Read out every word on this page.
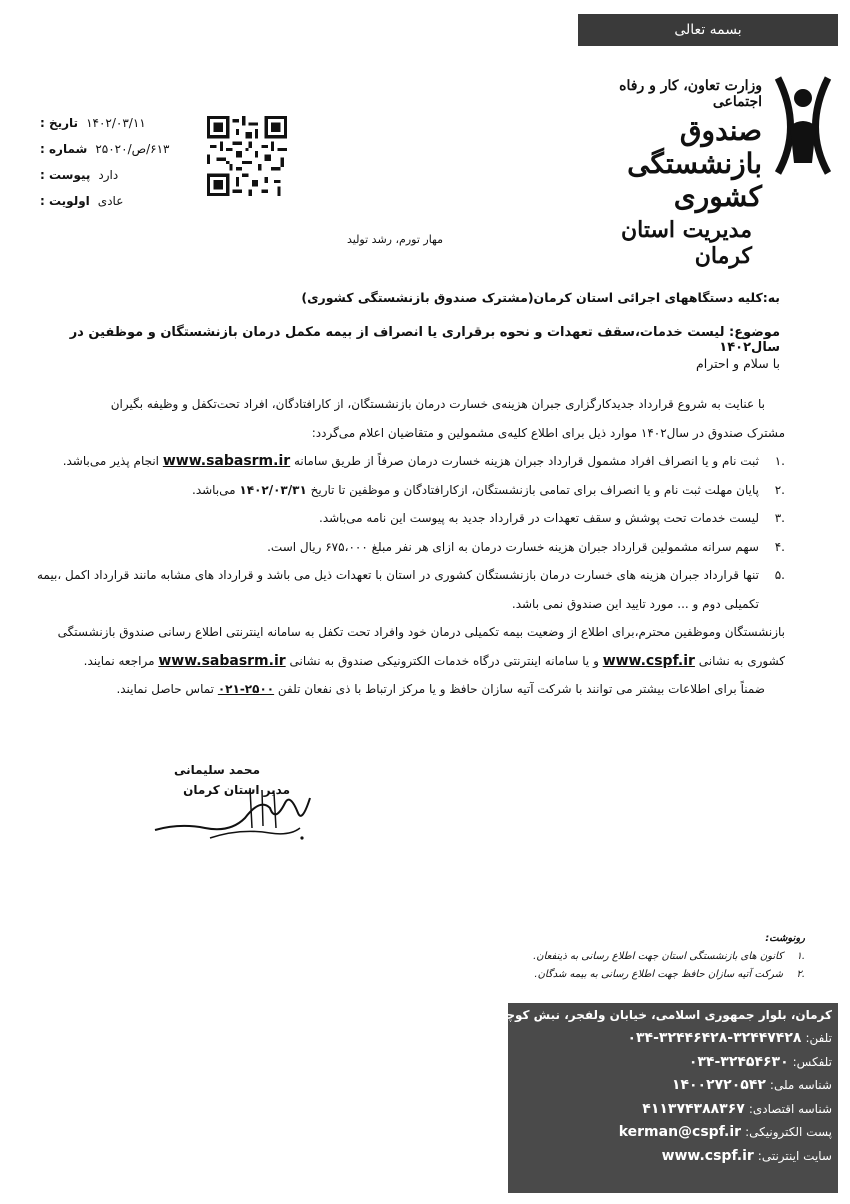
بسمه تعالی
وزارت تعاون، کار و رفاه اجتماعی
صندوق بازنشستگی کشوری
مدیریت استان کرمان
تاریخ : ۱۴۰۲/۰۳/۱۱
شماره : ۶۱۳/ص/۲۵۰۲۰
پیوست : دارد
اولویت : عادی
مهار تورم، رشد تولید
به:کلیه دستگاههای اجرائی استان کرمان(مشترک صندوق بازنشستگی کشوری)
موضوع: لیست خدمات،سقف تعهدات و نحوه برقراری یا انصراف از بیمه مکمل درمان بازنشستگان و موظفین در سال۱۴۰۲
با سلام و احترام

با عنایت به شروع قرارداد جدیدکارگزاری جبران هزینه‌ی خسارت درمان بازنشستگان، از کارافتادگان، افراد تحت‌تکفل و وظیفه بگیران

مشترک صندوق در سال۱۴۰۲ موارد ذیل برای اطلاع کلیه‌ی مشمولین و متقاضیان اعلام می‌گردد:

.۱
ثبت نام و یا انصراف افراد مشمول قرارداد جبران هزینه خسارت درمان صرفاً از طریق سامانه www.sabasrm.ir انجام پذیر می‌باشد.
.۲
پایان مهلت ثبت نام و یا انصراف برای تمامی بازنشستگان، ازکارافتادگان و موظفین تا تاریخ ۱۴۰۲/۰۳/۳۱ می‌باشد.
.۳
لیست خدمات تحت پوشش و سقف تعهدات در قرارداد جدید به پیوست این نامه می‌باشد.
.۴
سهم سرانه مشمولین قرارداد جبران هزینه خسارت درمان به ازای هر نفر مبلغ ۶۷۵،۰۰۰ ریال است.
.۵
تنها قرارداد جبران هزینه های خسارت درمان بازنشستگان کشوری در استان با تعهدات ذیل می باشد و قرارداد های مشابه مانند قرارداد اکمل ،بیمه تکمیلی دوم و ... مورد تایید این صندوق نمی باشد.

بازنشستگان وموظفین محترم،برای اطلاع از وضعیت بیمه تکمیلی درمان خود وافراد تحت تکفل به سامانه اینترنتی اطلاع رسانی صندوق بازنشستگی کشوری به نشانی www.cspf.ir و یا سامانه اینترنتی درگاه خدمات الکترونیکی صندوق به نشانی www.sabasrm.ir مراجعه نمایند.

ضمناً برای اطلاعات بیشتر می توانند با شرکت آتیه سازان حافظ و یا مرکز ارتباط با ذی نفعان تلفن ۰۲۱-۲۵۰۰ تماس حاصل نمایند.

محمد سلیمانی
مدیر استان کرمان
رونوشت:
.۱
کانون های بازنشستگی استان جهت اطلاع رسانی به ذینفعان.
.۲
شرکت آتیه سازان حافظ جهت اطلاع رسانی به بیمه شدگان.
کرمان، بلوار جمهوری اسلامی، خیابان ولفجر، نبش کوچه ۱۲
تلفن:
۰۳۴-۳۲۴۴۶۴۲۸-۳۲۴۴۷۴۲۸
تلفکس:
۰۳۴-۳۲۴۵۴۶۳۰
شناسه ملی:
۱۴۰۰۲۷۲۰۵۴۲
شناسه اقتصادی:
۴۱۱۳۷۴۳۸۸۳۶۷
پست الکترونیکی:
kerman@cspf.ir
سایت اینترنتی:
www.cspf.ir
